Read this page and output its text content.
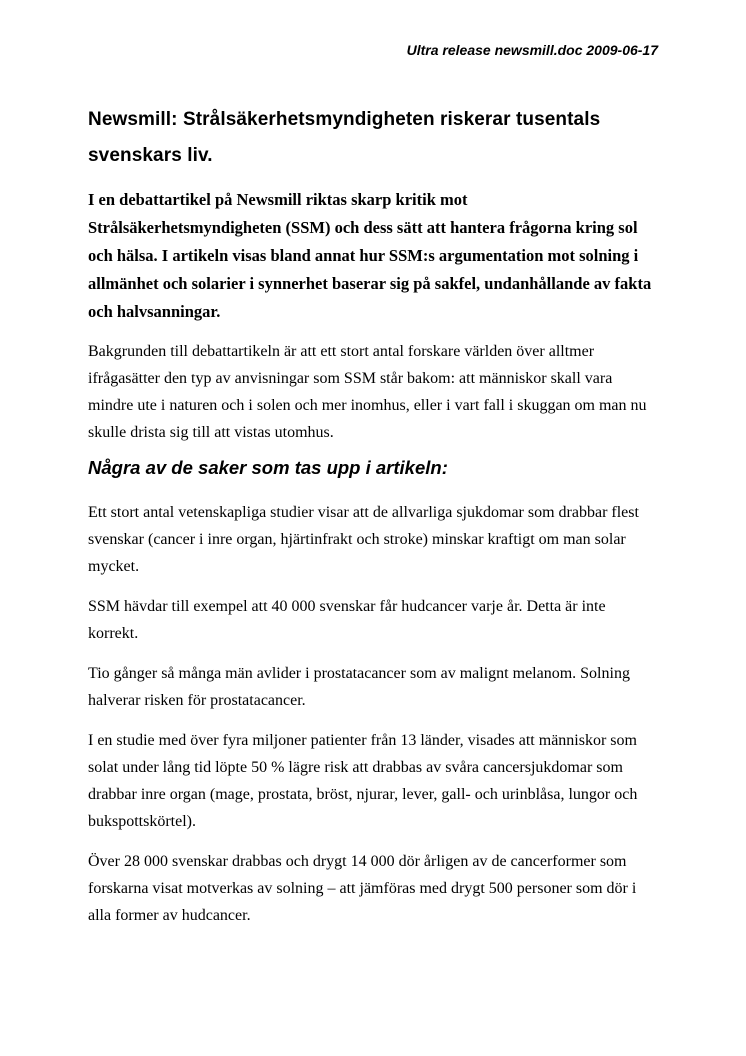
Ultra release newsmill.doc 2009-06-17

Newsmill: Strålsäkerhetsmyndigheten riskerar tusentals svenskars liv.

I en debattartikel på Newsmill riktas skarp kritik mot Strålsäkerhetsmyndigheten (SSM) och dess sätt att hantera frågorna kring sol och hälsa. I artikeln visas bland annat hur SSM:s argumentation mot solning i allmänhet och solarier i synnerhet baserar sig på sakfel, undanhållande av fakta och halvsanningar.

Bakgrunden till debattartikeln är att ett stort antal forskare världen över alltmer ifrågasätter den typ av anvisningar som SSM står bakom: att människor skall vara mindre ute i naturen och i solen och mer inomhus, eller i vart fall i skuggan om man nu skulle drista sig till att vistas utomhus.

Några av de saker som tas upp i artikeln:

Ett stort antal vetenskapliga studier visar att de allvarliga sjukdomar som drabbar flest svenskar (cancer i inre organ, hjärtinfrakt och stroke) minskar kraftigt om man solar mycket.

SSM hävdar till exempel att 40 000 svenskar får hudcancer varje år. Detta är inte korrekt.

Tio gånger så många män avlider i prostatacancer som av malignt melanom. Solning halverar risken för prostatacancer.

I en studie med över fyra miljoner patienter från 13 länder, visades att människor som solat under lång tid löpte 50 % lägre risk att drabbas av svåra cancersjukdomar som drabbar inre organ (mage, prostata, bröst, njurar, lever, gall- och urinblåsa, lungor och bukspottskörtel).

Över 28 000 svenskar drabbas och drygt 14 000 dör årligen av de cancerformer som forskarna visat motverkas av solning – att jämföras med drygt 500 personer som dör i alla former av hudcancer.
